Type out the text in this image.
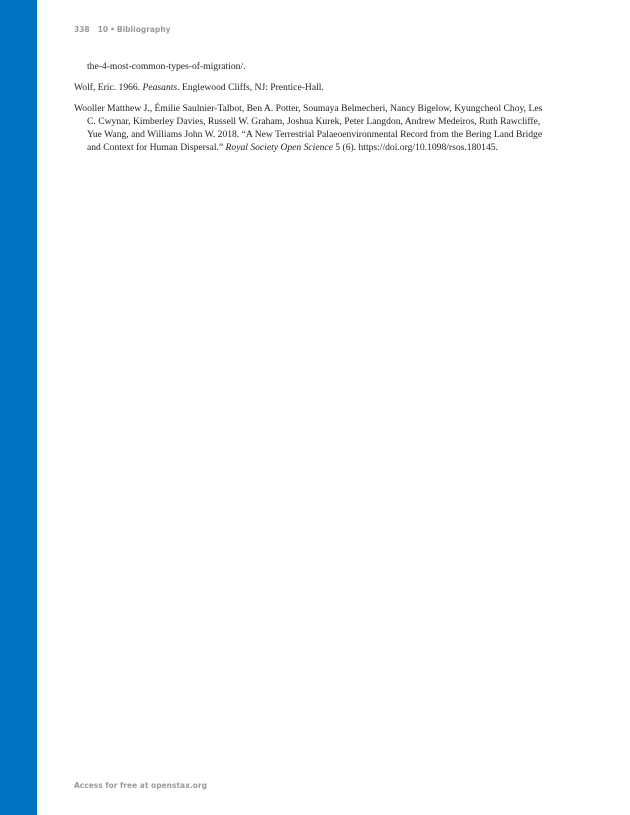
338 10 • Bibliography

the-4-most-common-types-of-migration/.

Wolf, Eric. 1966. Peasants. Englewood Cliffs, NJ: Prentice-Hall.

Wooller Matthew J., Émilie Saulnier-Talbot, Ben A. Potter, Soumaya Belmecheri, Nancy Bigelow, Kyungcheol Choy, Les C. Cwynar, Kimberley Davies, Russell W. Graham, Joshua Kurek, Peter Langdon, Andrew Medeiros, Ruth Rawcliffe, Yue Wang, and Williams John W. 2018. “A New Terrestrial Palaeoenvironmental Record from the Bering Land Bridge and Context for Human Dispersal.” Royal Society Open Science 5 (6). https://doi.org/10.1098/rsos.180145.

Access for free at openstax.org
